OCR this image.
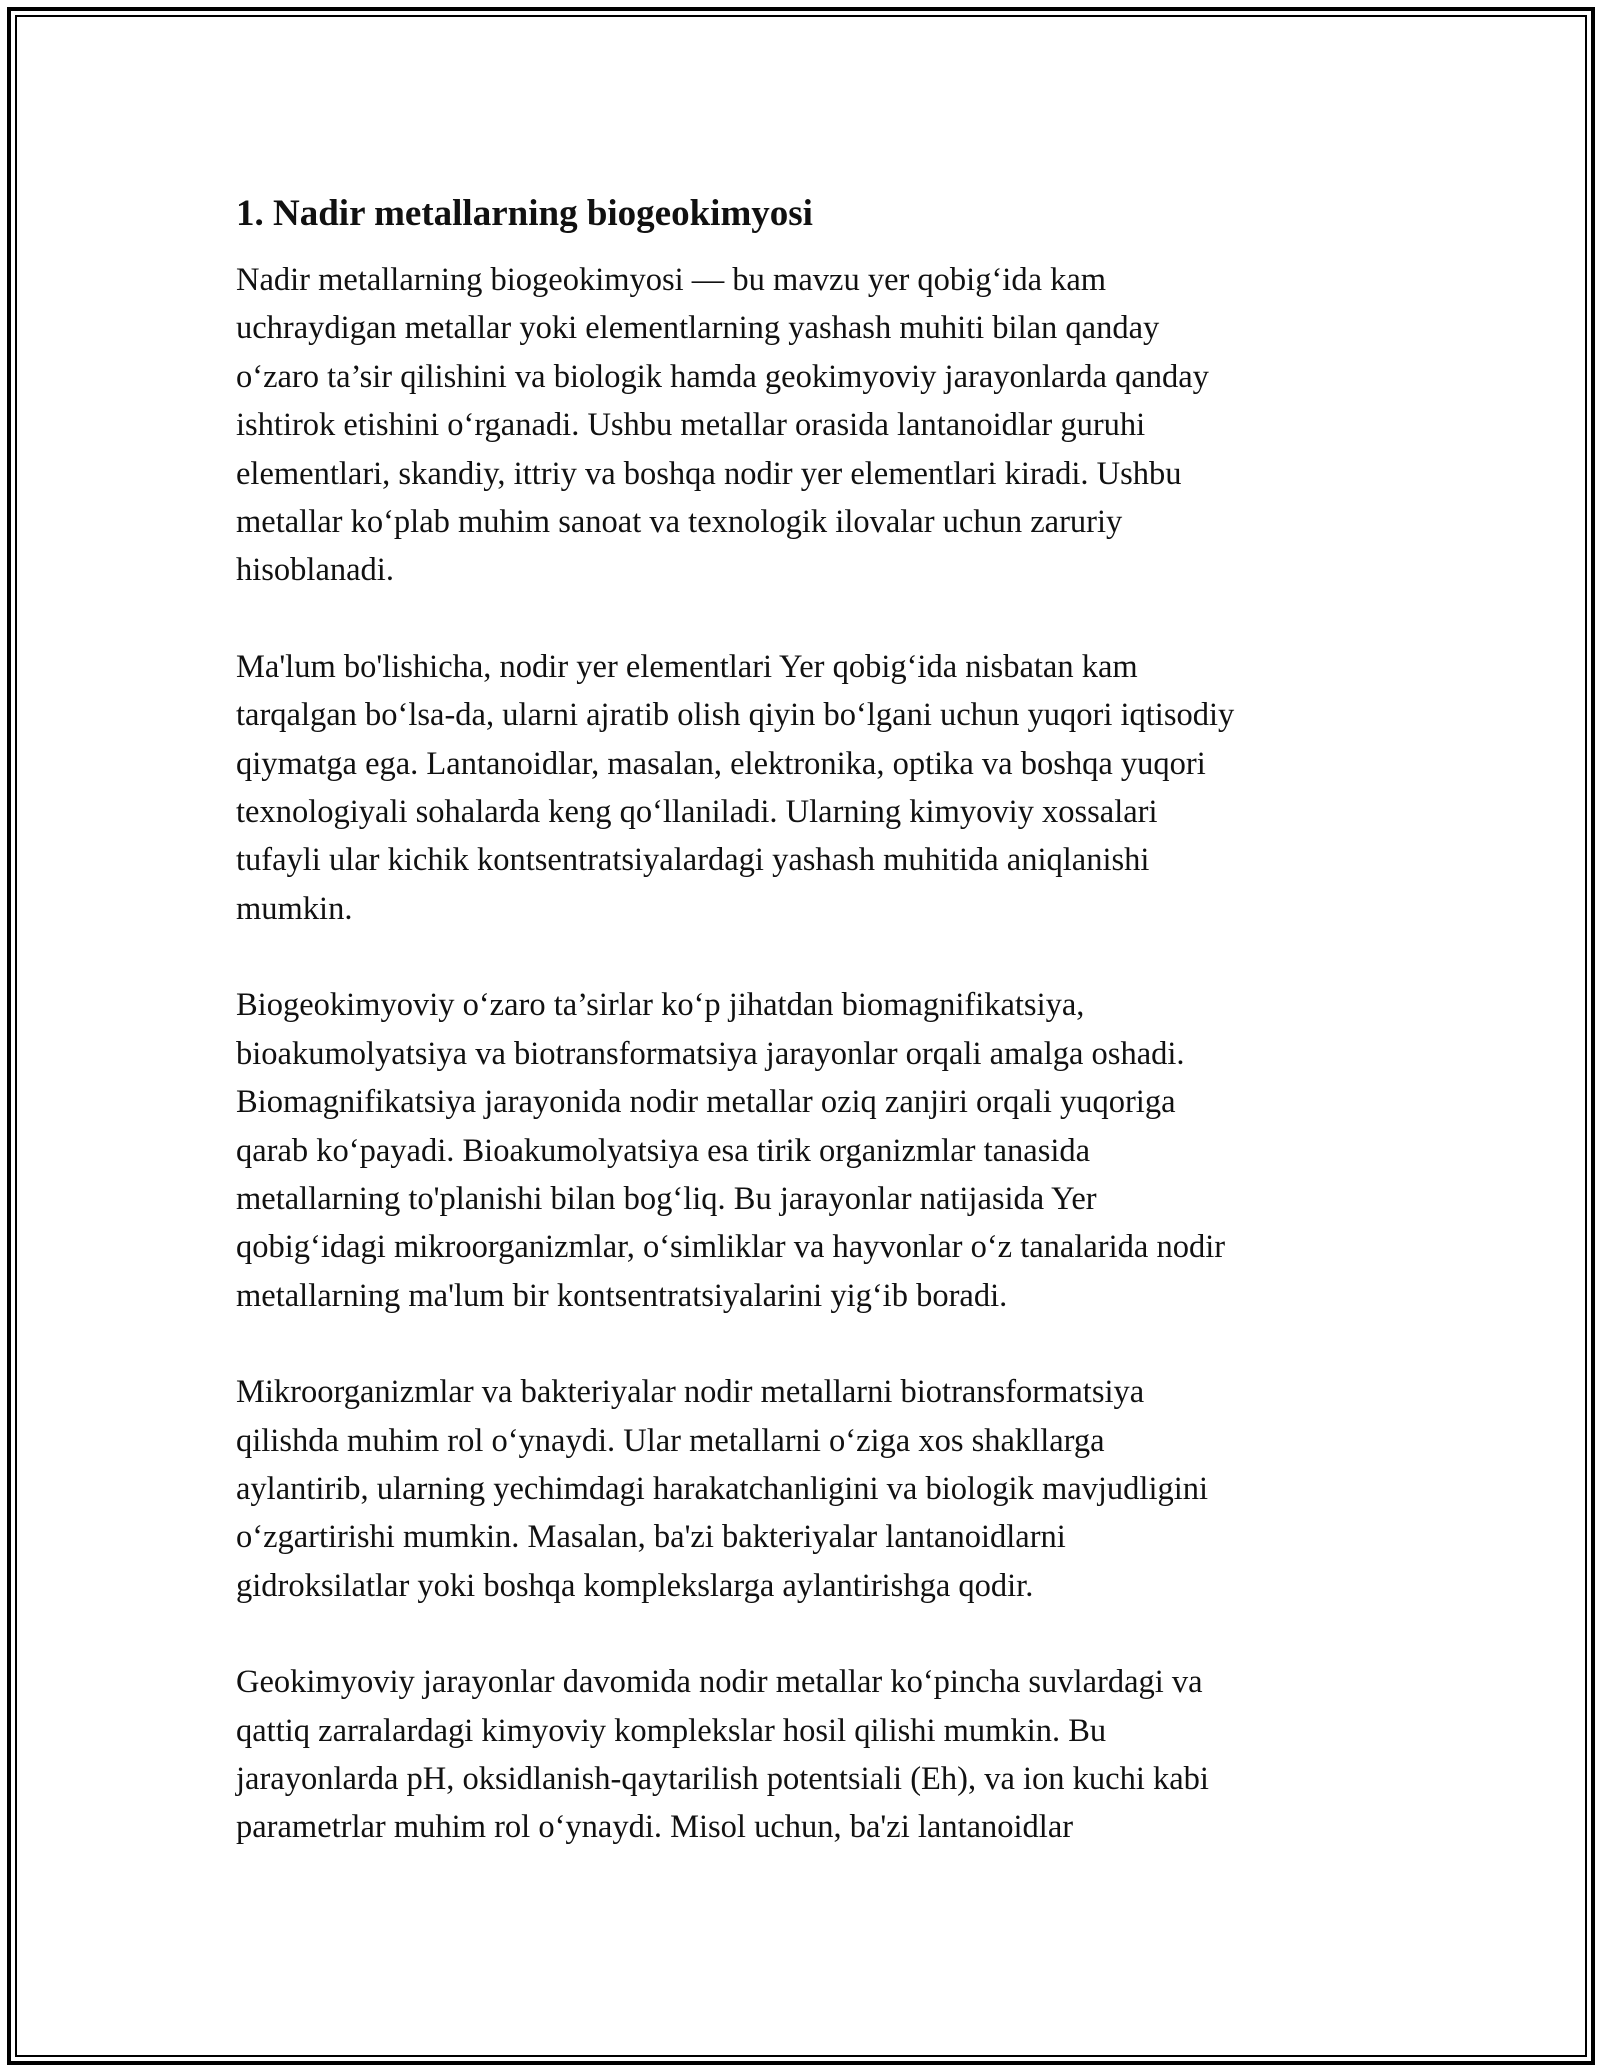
1. Nadir metallarning biogeokimyosi

Nadir metallarning biogeokimyosi — bu mavzu yer qobig‘ida kam
uchraydigan metallar yoki elementlarning yashash muhiti bilan qanday
o‘zaro ta’sir qilishini va biologik hamda geokimyoviy jarayonlarda qanday
ishtirok etishini o‘rganadi. Ushbu metallar orasida lantanoidlar guruhi
elementlari, skandiy, ittriy va boshqa nodir yer elementlari kiradi. Ushbu
metallar ko‘plab muhim sanoat va texnologik ilovalar uchun zaruriy
hisoblanadi.

Ma'lum bo'lishicha, nodir yer elementlari Yer qobig‘ida nisbatan kam
tarqalgan bo‘lsa-da, ularni ajratib olish qiyin bo‘lgani uchun yuqori iqtisodiy
qiymatga ega. Lantanoidlar, masalan, elektronika, optika va boshqa yuqori
texnologiyali sohalarda keng qo‘llaniladi. Ularning kimyoviy xossalari
tufayli ular kichik kontsentratsiyalardagi yashash muhitida aniqlanishi
mumkin.

Biogeokimyoviy o‘zaro ta’sirlar ko‘p jihatdan biomagnifikatsiya,
bioakumolyatsiya va biotransformatsiya jarayonlar orqali amalga oshadi.
Biomagnifikatsiya jarayonida nodir metallar oziq zanjiri orqali yuqoriga
qarab ko‘payadi. Bioakumolyatsiya esa tirik organizmlar tanasida
metallarning to'planishi bilan bog‘liq. Bu jarayonlar natijasida Yer
qobig‘idagi mikroorganizmlar, o‘simliklar va hayvonlar o‘z tanalarida nodir
metallarning ma'lum bir kontsentratsiyalarini yig‘ib boradi.

Mikroorganizmlar va bakteriyalar nodir metallarni biotransformatsiya
qilishda muhim rol o‘ynaydi. Ular metallarni o‘ziga xos shakllarga
aylantirib, ularning yechimdagi harakatchanligini va biologik mavjudligini
o‘zgartirishi mumkin. Masalan, ba'zi bakteriyalar lantanoidlarni
gidroksilatlar yoki boshqa komplekslarga aylantirishga qodir.

Geokimyoviy jarayonlar davomida nodir metallar ko‘pincha suvlardagi va
qattiq zarralardagi kimyoviy komplekslar hosil qilishi mumkin. Bu
jarayonlarda pH, oksidlanish-qaytarilish potentsiali (Eh), va ion kuchi kabi
parametrlar muhim rol o‘ynaydi. Misol uchun, ba'zi lantanoidlar
